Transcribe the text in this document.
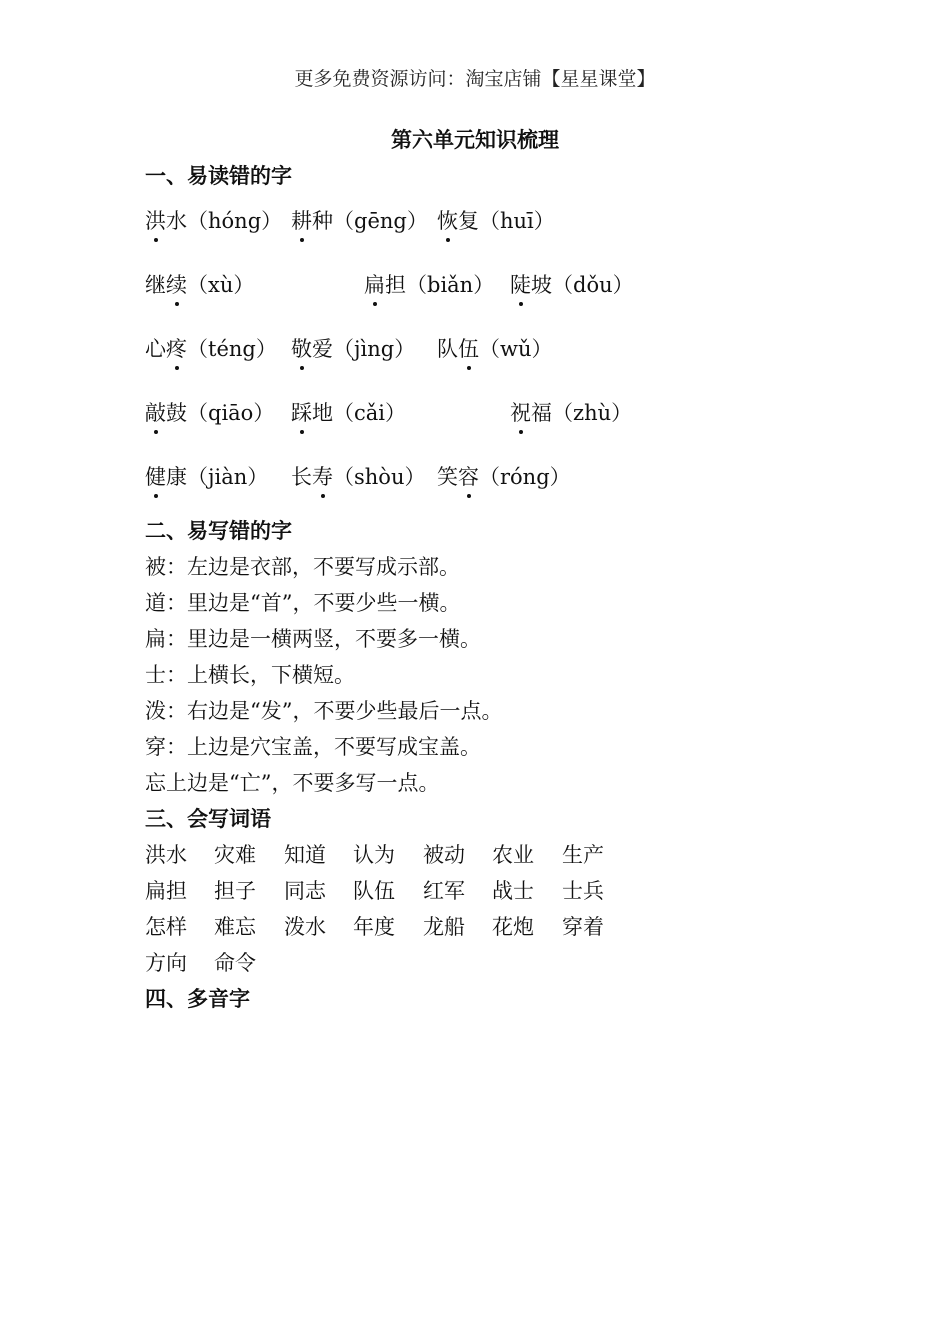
更多免费资源访问：淘宝店铺【星星课堂】
第六单元知识梳理
一、易读错的字
洪水（hóng） 耕种（gēng） 恢复（huī）
继续（xù）	扁担（biǎn） 陡坡（dǒu）
心疼（téng） 敬爱（jìng） 队伍（wǔ）
敲鼓（qiāo） 踩地（cǎi）	祝福（zhù）
健康（jiàn） 长寿（shòu） 笑容（róng）
二、易写错的字
被：左边是衣部，不要写成示部。
道：里边是“首”，不要少些一横。
扁：里边是一横两竖，不要多一横。
士：上横长，下横短。
泼：右边是“发”，不要少些最后一点。
穿：上边是穴宝盖，不要写成宝盖。
忘上边是“亡”，不要多写一点。
三、会写词语
洪水 灾难 知道 认为 被动 农业 生产
扁担 担子 同志 队伍 红军 战士 士兵
怎样 难忘 泼水 年度 龙船 花炮 穿着
方向 命令
四、多音字
